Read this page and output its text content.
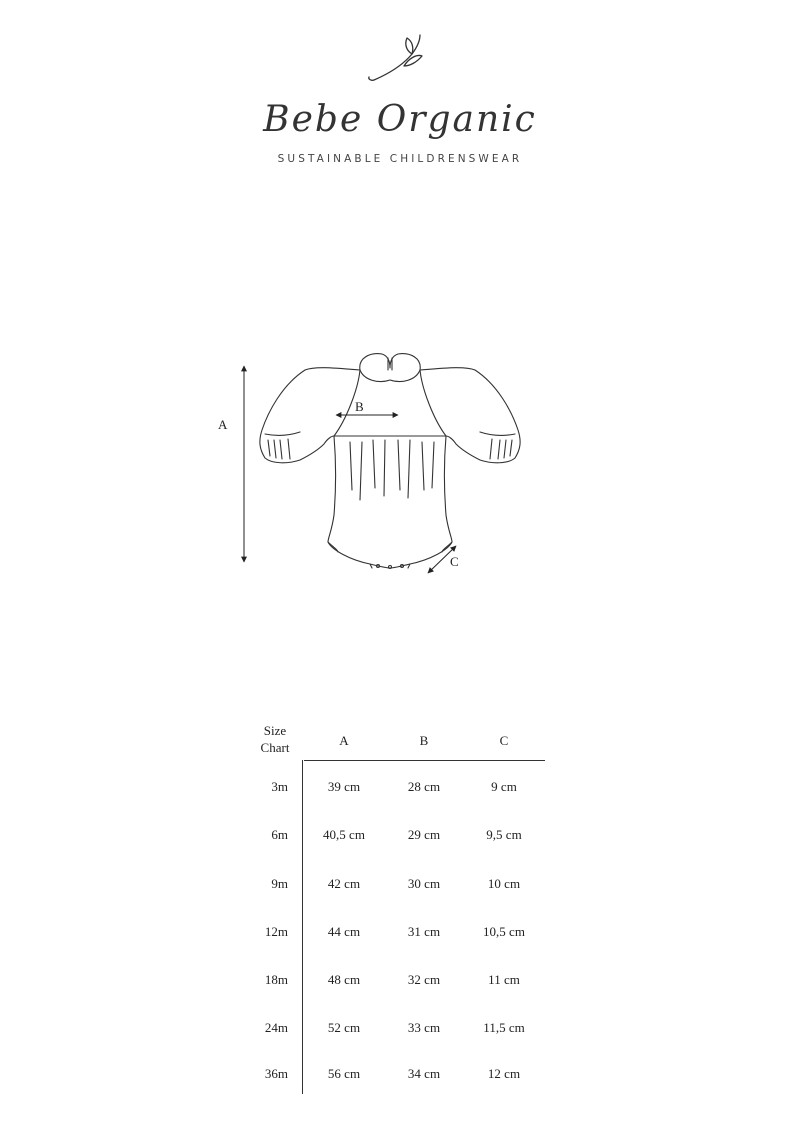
Bebe Organic
SUSTAINABLE CHILDRENSWEAR
A
B
C
Size
Chart	A	B	C
3m	39 cm	28 cm	9 cm
6m	40,5 cm	29 cm	9,5 cm
9m	42 cm	30 cm	10 cm
12m	44 cm	31 cm	10,5 cm
18m	48 cm	32 cm	11 cm
24m	52 cm	33 cm	11,5 cm
36m	56 cm	34 cm	12 cm
